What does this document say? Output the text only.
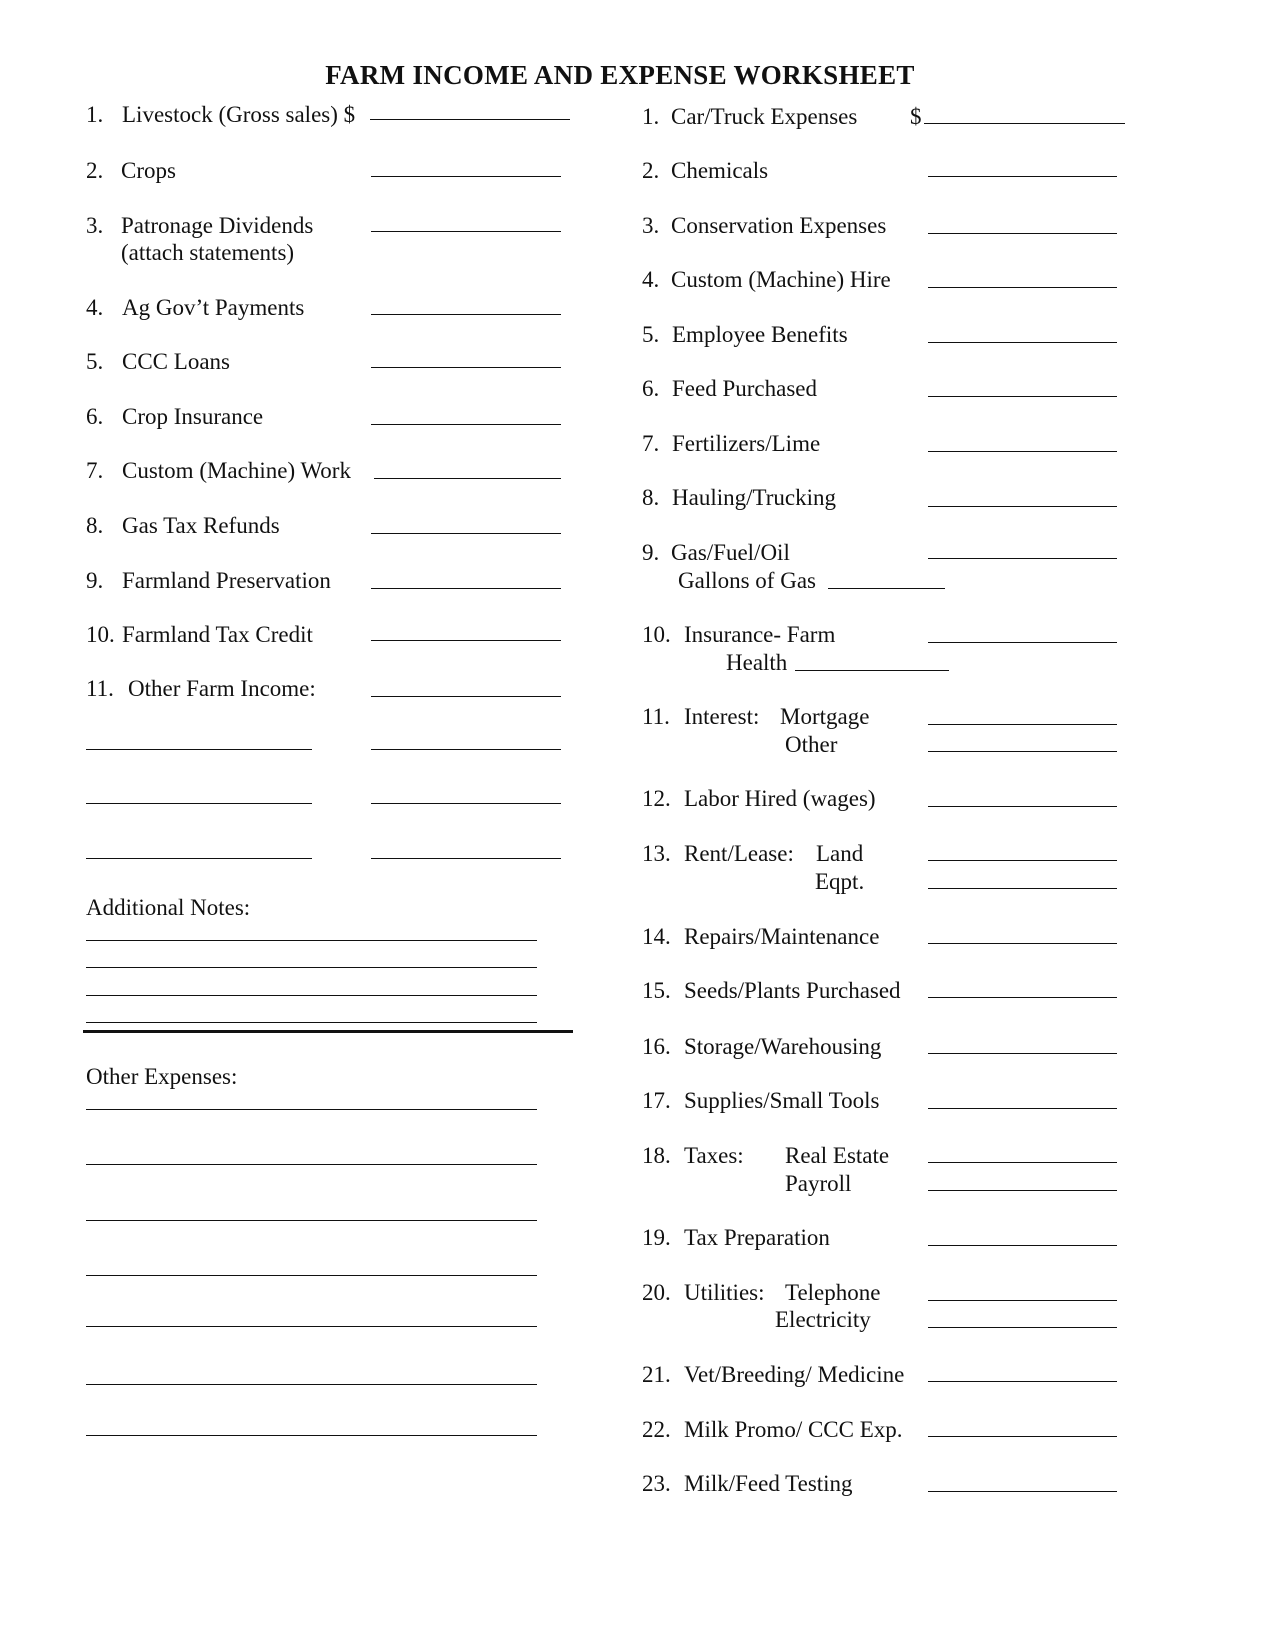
FARM INCOME AND EXPENSE WORKSHEET
1. Livestock (Gross sales) $
2. Crops
3. Patronage Dividends
(attach statements)
4. Ag Gov’t Payments
5. CCC Loans
6. Crop Insurance
7. Custom (Machine) Work
8. Gas Tax Refunds
9. Farmland Preservation
10. Farmland Tax Credit
11. Other Farm Income:
Additional Notes:
Other Expenses:
1. Car/Truck Expenses $
2. Chemicals
3. Conservation Expenses
4. Custom (Machine) Hire
5. Employee Benefits
6. Feed Purchased
7. Fertilizers/Lime
8. Hauling/Trucking
9. Gas/Fuel/Oil
Gallons of Gas
10. Insurance- Farm
Health
11. Interest: Mortgage
Other
12. Labor Hired (wages)
13. Rent/Lease: Land
Eqpt.
14. Repairs/Maintenance
15. Seeds/Plants Purchased
16. Storage/Warehousing
17. Supplies/Small Tools
18. Taxes: Real Estate
Payroll
19. Tax Preparation
20. Utilities: Telephone
Electricity
21. Vet/Breeding/ Medicine
22. Milk Promo/ CCC Exp.
23. Milk/Feed Testing
